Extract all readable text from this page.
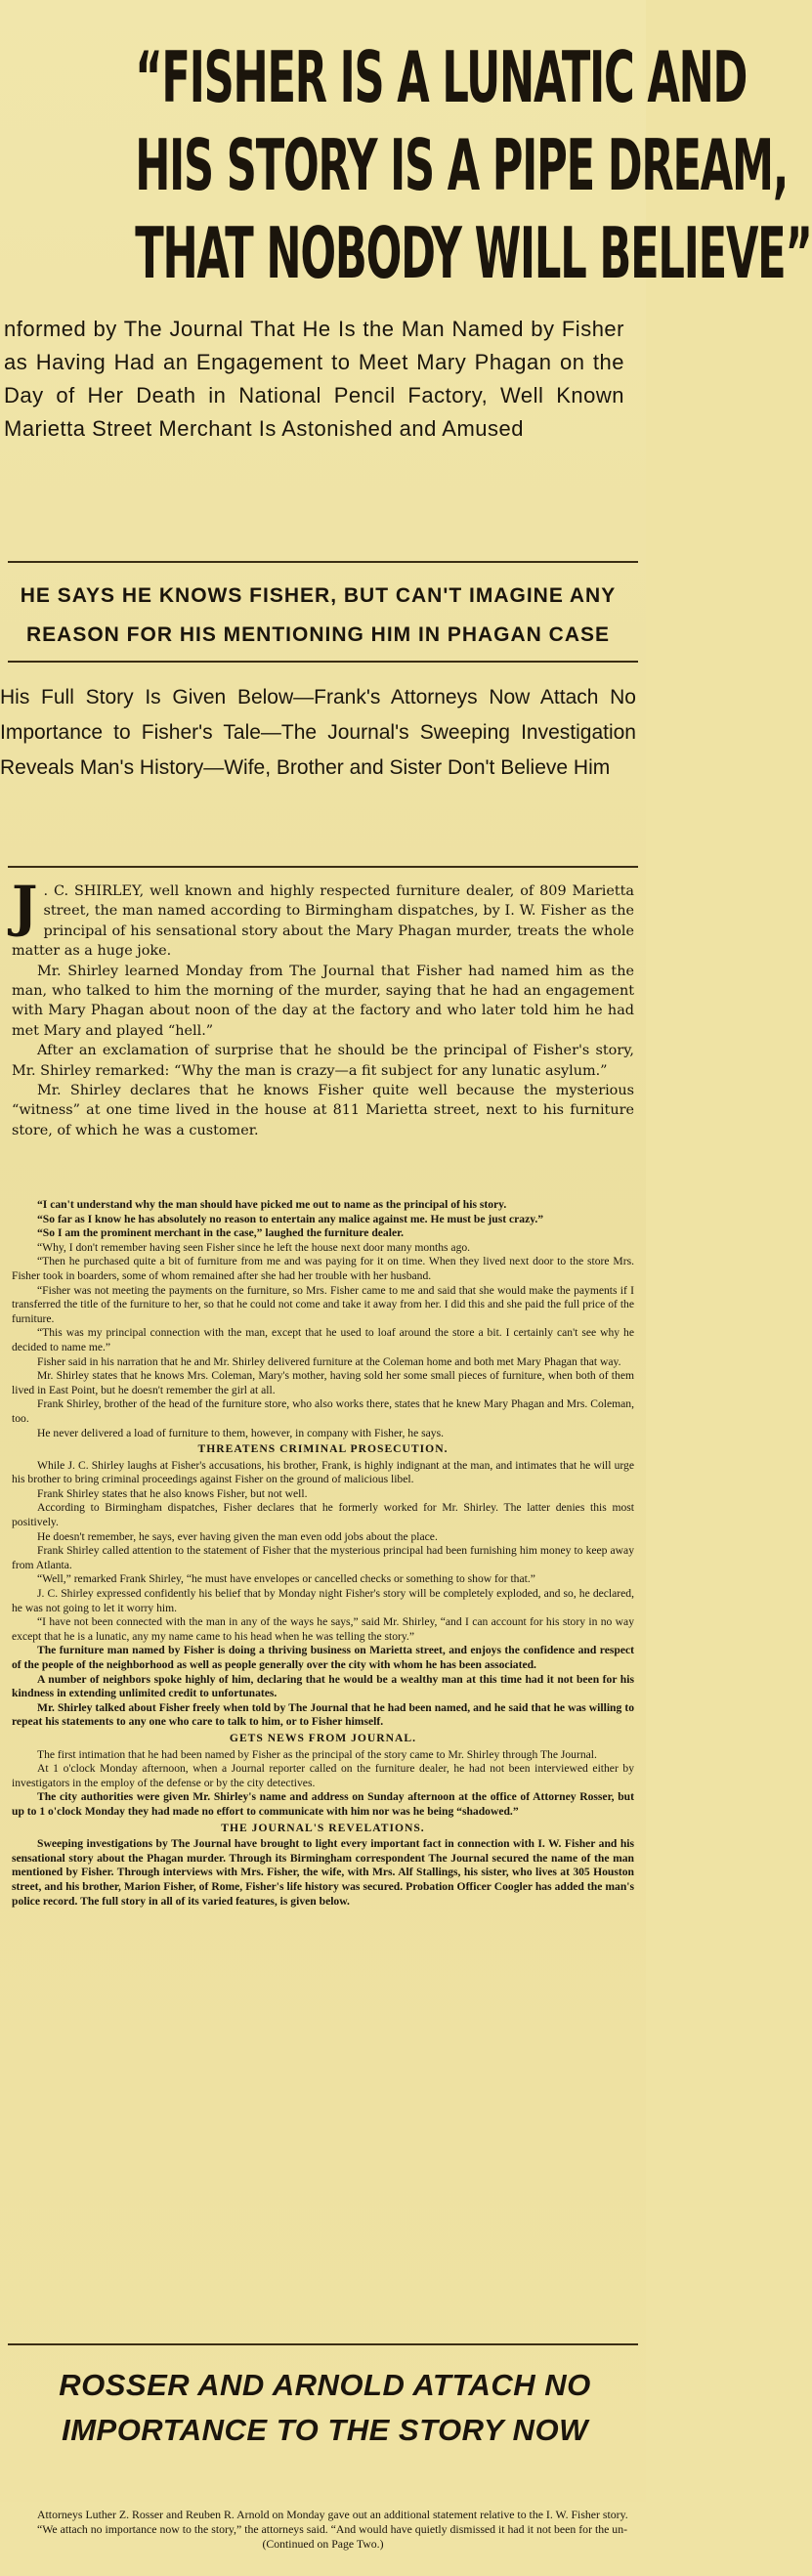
“FISHER IS A LUNATIC AND
HIS STORY IS A PIPE DREAM,
THAT NOBODY WILL BELIEVE”
nformed by The Journal That He Is the Man Named by Fisher as Having Had an Engagement to Meet Mary Phagan on the Day of Her Death in National Pencil Factory, Well Known Marietta Street Merchant Is Astonished and Amused
HE SAYS HE KNOWS FISHER, BUT CAN'T IMAGINE ANY
REASON FOR HIS MENTIONING HIM IN PHAGAN CASE
His Full Story Is Given Below—Frank's Attorneys Now Attach No Importance to Fisher's Tale—The Journal's Sweeping Investigation Reveals Man's History—Wife, Brother and Sister Don't Believe Him
J . C. SHIRLEY, well known and highly respected furniture dealer, of 809 Marietta street, the man named according to Birmingham dispatches, by I. W. Fisher as the principal of his sensational story about the Mary Phagan murder, treats the whole matter as a huge joke.

Mr. Shirley learned Monday from The Journal that Fisher had named him as the man, who talked to him the morning of the murder, saying that he had an engagement with Mary Phagan about noon of the day at the factory and who later told him he had met Mary and played “hell.”

After an exclamation of surprise that he should be the principal of Fisher's story, Mr. Shirley remarked: “Why the man is crazy—a fit subject for any lunatic asylum.”

Mr. Shirley declares that he knows Fisher quite well because the mysterious “witness” at one time lived in the house at 811 Marietta street, next to his furniture store, of which he was a customer.

“I can't understand why the man should have picked me out to name as the principal of his story.

“So far as I know he has absolutely no reason to entertain any malice against me. He must be just crazy.”

“So I am the prominent merchant in the case,” laughed the furniture dealer.

“Why, I don't remember having seen Fisher since he left the house next door many months ago.

“Then he purchased quite a bit of furniture from me and was paying for it on time. When they lived next door to the store Mrs. Fisher took in boarders, some of whom remained after she had her trouble with her husband.

“Fisher was not meeting the payments on the furniture, so Mrs. Fisher came to me and said that she would make the payments if I transferred the title of the furniture to her, so that he could not come and take it away from her. I did this and she paid the full price of the furniture.

“This was my principal connection with the man, except that he used to loaf around the store a bit. I certainly can't see why he decided to name me.”

Fisher said in his narration that he and Mr. Shirley delivered furniture at the Coleman home and both met Mary Phagan that way.

Mr. Shirley states that he knows Mrs. Coleman, Mary's mother, having sold her some small pieces of furniture, when both of them lived in East Point, but he doesn't remember the girl at all.

Frank Shirley, brother of the head of the furniture store, who also works there, states that he knew Mary Phagan and Mrs. Coleman, too.

He never delivered a load of furniture to them, however, in company with Fisher, he says.

THREATENS CRIMINAL PROSECUTION.

While J. C. Shirley laughs at Fisher's accusations, his brother, Frank, is highly indignant at the man, and intimates that he will urge his brother to bring criminal proceedings against Fisher on the ground of malicious libel.

Frank Shirley states that he also knows Fisher, but not well.

According to Birmingham dispatches, Fisher declares that he formerly worked for Mr. Shirley. The latter denies this most positively.

He doesn't remember, he says, ever having given the man even odd jobs about the place.

Frank Shirley called attention to the statement of Fisher that the mysterious principal had been furnishing him money to keep away from Atlanta.

“Well,” remarked Frank Shirley, “he must have envelopes or cancelled checks or something to show for that.”

J. C. Shirley expressed confidently his belief that by Monday night Fisher's story will be completely exploded, and so, he declared, he was not going to let it worry him.

“I have not been connected with the man in any of the ways he says,” said Mr. Shirley, “and I can account for his story in no way except that he is a lunatic, any my name came to his head when he was telling the story.”

The furniture man named by Fisher is doing a thriving business on Marietta street, and enjoys the confidence and respect of the people of the neighborhood as well as people generally over the city with whom he has been associated.

A number of neighbors spoke highly of him, declaring that he would be a wealthy man at this time had it not been for his kindness in extending unlimited credit to unfortunates.

Mr. Shirley talked about Fisher freely when told by The Journal that he had been named, and he said that he was willing to repeat his statements to any one who care to talk to him, or to Fisher himself.

GETS NEWS FROM JOURNAL.

The first intimation that he had been named by Fisher as the principal of the story came to Mr. Shirley through The Journal.

At 1 o'clock Monday afternoon, when a Journal reporter called on the furniture dealer, he had not been interviewed either by investigators in the employ of the defense or by the city detectives.

The city authorities were given Mr. Shirley's name and address on Sunday afternoon at the office of Attorney Rosser, but up to 1 o'clock Monday they had made no effort to communicate with him nor was he being “shadowed.”

THE JOURNAL'S REVELATIONS.

Sweeping investigations by The Journal have brought to light every important fact in connection with I. W. Fisher and his sensational story about the Phagan murder. Through its Birmingham correspondent The Journal secured the name of the man mentioned by Fisher. Through interviews with Mrs. Fisher, the wife, with Mrs. Alf Stallings, his sister, who lives at 305 Houston street, and his brother, Marion Fisher, of Rome, Fisher's life history was secured. Probation Officer Coogler has added the man's police record. The full story in all of its varied features, is given below.

ROSSER AND ARNOLD ATTACH NO
IMPORTANCE TO THE STORY NOW

Attorneys Luther Z. Rosser and Reuben R. Arnold on Monday gave out an additional statement relative to the I. W. Fisher story.

“We attach no importance now to the story,” the attorneys said. “And would have quietly dismissed it had it not been for the un-

(Continued on Page Two.)
